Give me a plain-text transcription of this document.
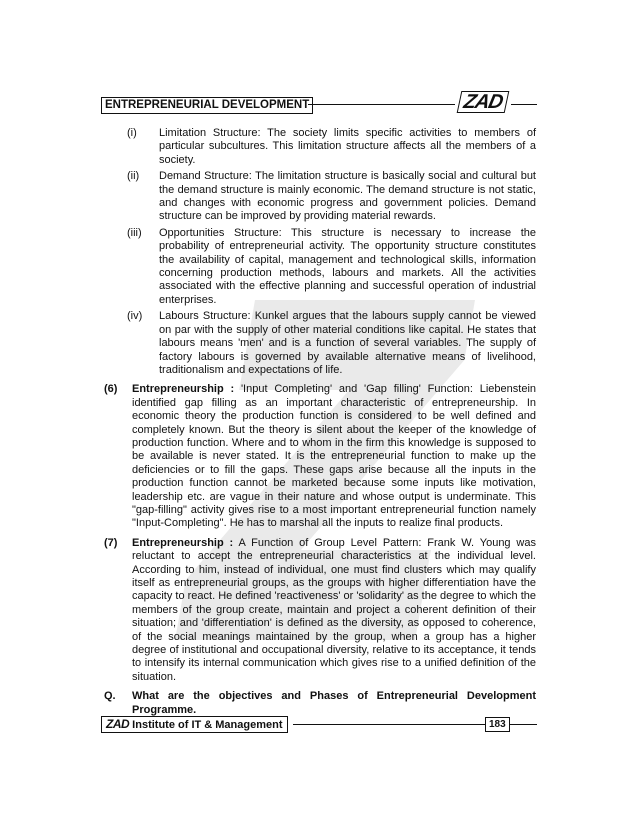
ENTREPRENEURIAL DEVELOPMENT	ZAD
(i) Limitation Structure: The society limits specific activities to members of particular subcultures. This limitation structure affects all the members of a society.
(ii) Demand Structure: The limitation structure is basically social and cultural but the demand structure is mainly economic. The demand structure is not static, and changes with economic progress and government policies. Demand structure can be improved by providing material rewards.
(iii) Opportunities Structure: This structure is necessary to increase the probability of entrepreneurial activity. The opportunity structure constitutes the availability of capital, management and technological skills, information concerning production methods, labours and markets. All the activities associated with the effective planning and successful operation of industrial enterprises.
(iv) Labours Structure: Kunkel argues that the labours supply cannot be viewed on par with the supply of other material conditions like capital. He states that labours means 'men' and is a function of several variables. The supply of factory labours is governed by available alternative means of livelihood, traditionalism and expectations of life.
(6) Entrepreneurship : 'Input Completing' and 'Gap filling' Function: Liebenstein identified gap filling as an important characteristic of entrepreneurship. In economic theory the production function is considered to be well defined and completely known. But the theory is silent about the keeper of the knowledge of production function. Where and to whom in the firm this knowledge is supposed to be available is never stated. It is the entrepreneurial function to make up the deficiencies or to fill the gaps. These gaps arise because all the inputs in the production function cannot be marketed because some inputs like motivation, leadership etc. are vague in their nature and whose output is underminate. This "gap-filling" activity gives rise to a most important entrepreneurial function namely "Input-Completing". He has to marshal all the inputs to realize final products.
(7) Entrepreneurship : A Function of Group Level Pattern: Frank W. Young was reluctant to accept the entrepreneurial characteristics at the individual level. According to him, instead of individual, one must find clusters which may qualify itself as entrepreneurial groups, as the groups with higher differentiation have the capacity to react. He defined 'reactiveness' or 'solidarity' as the degree to which the members of the group create, maintain and project a coherent definition of their situation; and 'differentiation' is defined as the diversity, as opposed to coherence, of the social meanings maintained by the group, when a group has a higher degree of institutional and occupational diversity, relative to its acceptance, it tends to intensify its internal communication which gives rise to a unified definition of the situation.
Q. What are the objectives and Phases of Entrepreneurial Development Programme.
ZAD Institute of IT & Management	183
